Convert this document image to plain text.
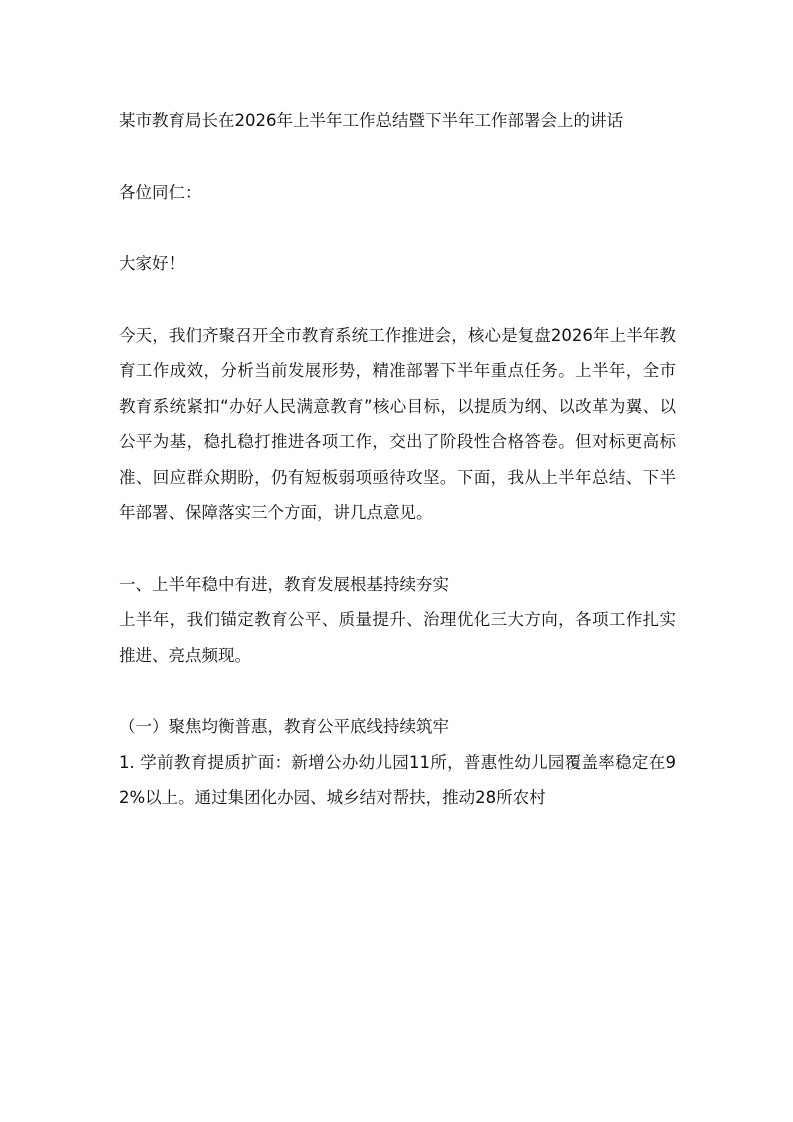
某市教育局长在2026年上半年工作总结暨下半年工作部署会上的讲话

各位同仁：

大家好！

今天，我们齐聚召开全市教育系统工作推进会，核心是复盘2026年上半年教育工作成效，分析当前发展形势，精准部署下半年重点任务。上半年，全市教育系统紧扣“办好人民满意教育”核心目标，以提质为纲、以改革为翼、以公平为基，稳扎稳打推进各项工作，交出了阶段性合格答卷。但对标更高标准、回应群众期盼，仍有短板弱项亟待攻坚。下面，我从上半年总结、下半年部署、保障落实三个方面，讲几点意见。

一、上半年稳中有进，教育发展根基持续夯实

上半年，我们锚定教育公平、质量提升、治理优化三大方向，各项工作扎实推进、亮点频现。

（一）聚焦均衡普惠，教育公平底线持续筑牢

1. 学前教育提质扩面：新增公办幼儿园11所，普惠性幼儿园覆盖率稳定在92%以上。通过集团化办园、城乡结对帮扶，推动28所农村
